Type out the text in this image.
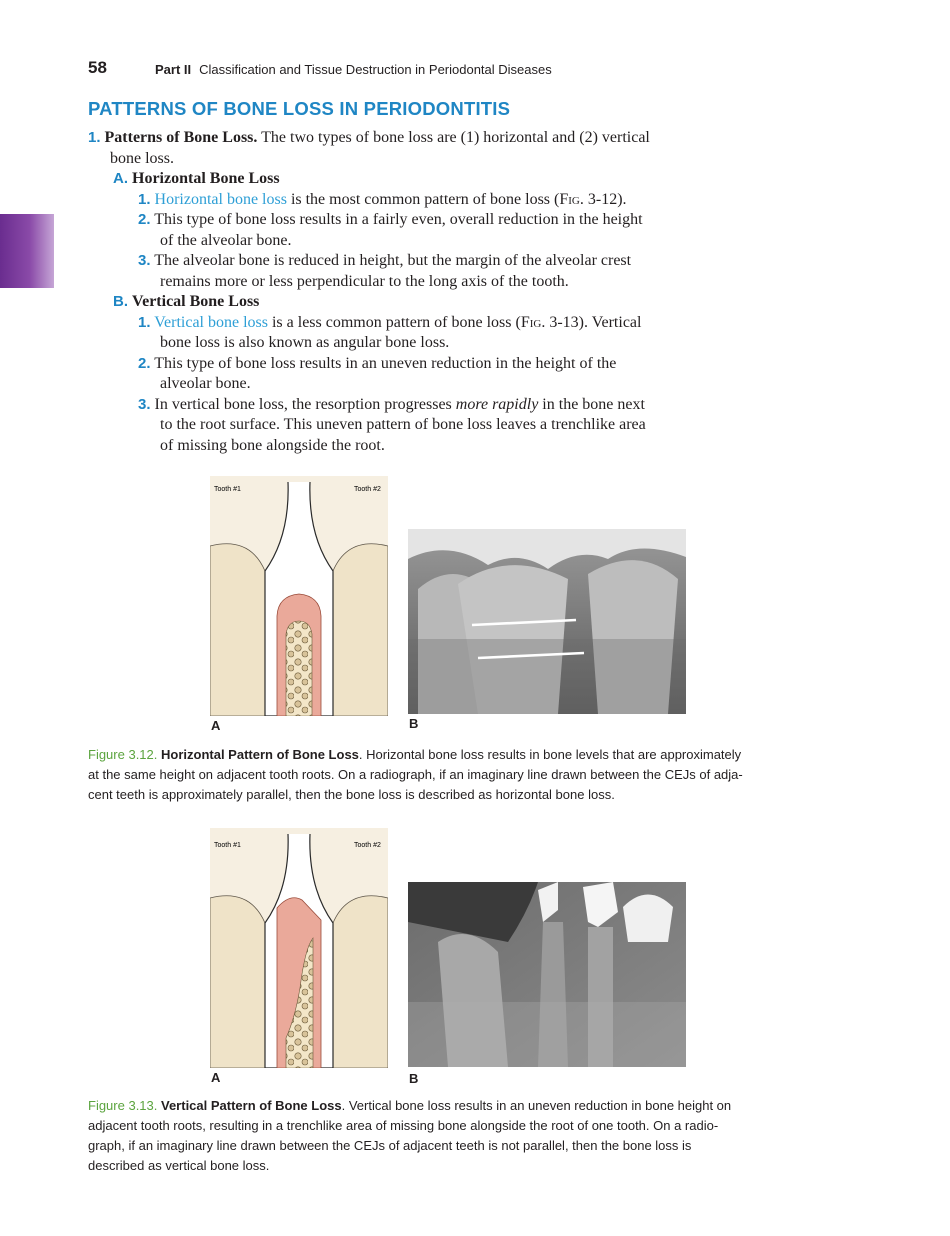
58	Part II Classification and Tissue Destruction in Periodontal Diseases
PATTERNS OF BONE LOSS IN PERIODONTITIS
1. Patterns of Bone Loss. The two types of bone loss are (1) horizontal and (2) vertical
bone loss.
A. Horizontal Bone Loss
1. Horizontal bone loss is the most common pattern of bone loss (Fig. 3-12).
2. This type of bone loss results in a fairly even, overall reduction in the height
of the alveolar bone.
3. The alveolar bone is reduced in height, but the margin of the alveolar crest
remains more or less perpendicular to the long axis of the tooth.
B. Vertical Bone Loss
1. Vertical bone loss is a less common pattern of bone loss (Fig. 3-13). Vertical
bone loss is also known as angular bone loss.
2. This type of bone loss results in an uneven reduction in the height of the
alveolar bone.
3. In vertical bone loss, the resorption progresses more rapidly in the bone next
to the root surface. This uneven pattern of bone loss leaves a trenchlike area
of missing bone alongside the root.
Tooth #1	Tooth #2
A	B
Figure 3.12. Horizontal Pattern of Bone Loss. Horizontal bone loss results in bone levels that are approximately
at the same height on adjacent tooth roots. On a radiograph, if an imaginary line drawn between the CEJs of adja-
cent teeth is approximately parallel, then the bone loss is described as horizontal bone loss.
Tooth #1	Tooth #2
A	B
Figure 3.13. Vertical Pattern of Bone Loss. Vertical bone loss results in an uneven reduction in bone height on
adjacent tooth roots, resulting in a trenchlike area of missing bone alongside the root of one tooth. On a radio-
graph, if an imaginary line drawn between the CEJs of adjacent teeth is not parallel, then the bone loss is
described as vertical bone loss.
